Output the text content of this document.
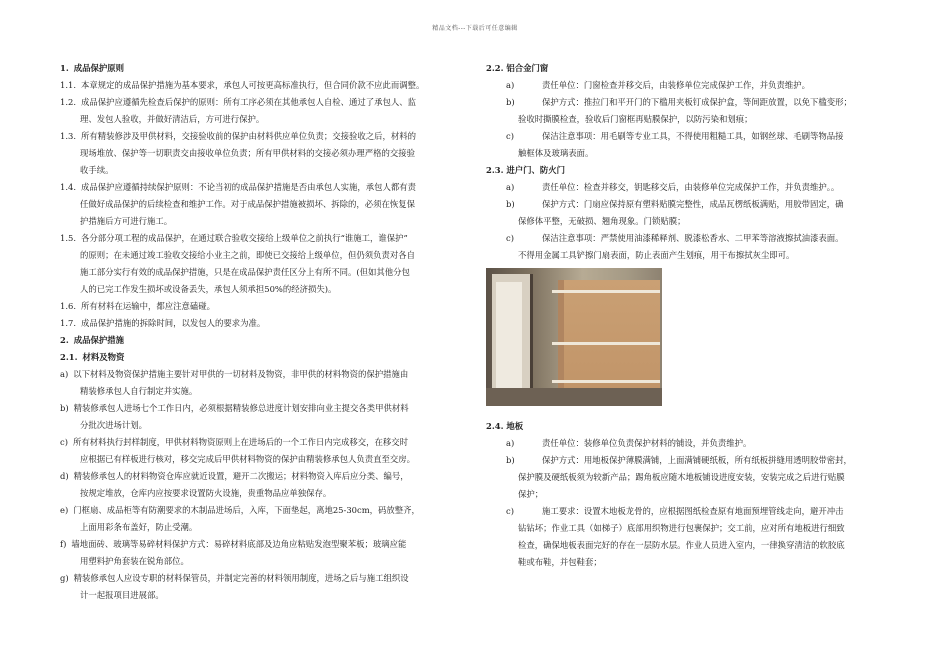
精品文档---下载后可任意编辑

1. 成品保护原则

1.1. 本章规定的成品保护措施为基本要求，承包人可按更高标准执行，但合同价款不应此而调整。

1.2. 成品保护应遵循先检查后保护的原则：所有工序必须在其他承包人自检、通过了承包人、监

理、发包人验收，并做好清洁后，方可进行保护。

1.3. 所有精装修涉及甲供材料，交接验收前的保护由材料供应单位负责；交接验收之后，材料的

现场堆放、保护等一切职责交由接收单位负责；所有甲供材料的交接必须办理严格的交接验

收手续。

1.4. 成品保护应遵循持续保护原则：不论当初的成品保护措施是否由承包人实施，承包人都有责

任做好成品保护的后续检查和维护工作。对于成品保护措施被损坏、拆除的，必须在恢复保

护措施后方可进行施工。

1.5. 各分部分项工程的成品保护，在通过联合验收交接给上级单位之前执行“谁施工，谁保护”

的原则；在未通过竣工验收交接给小业主之前，即使已交接给上级单位，但仍须负责对各自

施工部分实行有效的成品保护措施，只是在成品保护责任区分上有所不同。(但如其他分包

人的已完工作发生损坏或设备丢失，承包人须承担50%的经济损失)。

1.6. 所有材料在运输中，都应注意磕碰。

1.7. 成品保护措施的拆除时间，以发包人的要求为准。

2. 成品保护措施

2.1. 材料及物资

a) 以下材料及物资保护措施主要针对甲供的一切材料及物资，非甲供的材料物资的保护措施由

精装修承包人自行制定并实施。

b) 精装修承包人进场七个工作日内，必须根据精装修总进度计划安排向业主提交各类甲供材料

分批次进场计划。

c) 所有材料执行封样制度，甲供材料物资原则上在进场后的一个工作日内完成移交，在移交时

应根据已有样板进行核对，移交完成后甲供材料物资的保护由精装修承包人负责直至交房。

d) 精装修承包人的材料物资仓库应就近设置，避开二次搬运；材料物资入库后应分类、编号，

按规定堆放，仓库内应按要求设置防火设施，贵重物品应单独保存。

e) 门框扇、成品柜等有防潮要求的木制品进场后，入库，下面垫起，离地25-30cm，码放整齐，

上面用彩条布盖好，防止受潮。

f) 墙地面砖、玻璃等易碎材料保护方式：易碎材料底部及边角应粘贴发泡型聚苯板；玻璃应能

用塑料护角套装在锐角部位。

g) 精装修承包人应设专职的材料保管员，并制定完善的材料领用制度，进场之后与施工组织设

计一起报项目进展部。

2.2. 铝合金门窗

a)	责任单位：门窗检查并移交后，由装修单位完成保护工作，并负责维护。

b)	保护方式：推拉门和平开门的下槛用夹板钉成保护盒，等间距放置，以免下槛变形；

验收时撕膜检查，验收后门窗框再贴膜保护，以防污染和划痕；

c)	保洁注意事项：用毛刷等专业工具，不得使用粗糙工具，如钢丝球、毛刷等物品接

触框体及玻璃表面。

2.3. 进户门、防火门

a)	责任单位：检查并移交，钥匙移交后，由装修单位完成保护工作，并负责维护。。

b)	保护方式：门扇应保持原有塑料贴膜完整性，成品瓦楞纸板满贴，用胶带固定，确

保修体平整，无破损、翘角现象。门锁贴膜；

c)	保洁注意事项：严禁使用油漆稀释剂、脱漆松香水、二甲苯等溶液擦拭油漆表面。

不得用金属工具铲擦门扇表面，防止表面产生划痕，用干布擦拭灰尘即可。

2.4. 地板

a)	责任单位：装修单位负责保护材料的铺设，并负责维护。

b)	保护方式：用地板保护薄膜满铺，上面满铺硬纸板，所有纸板拼缝用透明胶带密封，

保护膜及硬纸板须为较新产品；踢角板应随木地板铺设进度安装，安装完成之后进行贴膜

保护；

c)	施工要求：设置木地板龙骨的，应根据图纸检查原有地面预埋管线走向，避开冲击

钻钻坏；作业工具（如梯子）底部用织物进行包裹保护；交工前，应对所有地板进行细致

检查，确保地板表面完好的存在一层防水层。作业人员进入室内，一律换穿清洁的软胶底

鞋或布鞋，并包鞋套；
